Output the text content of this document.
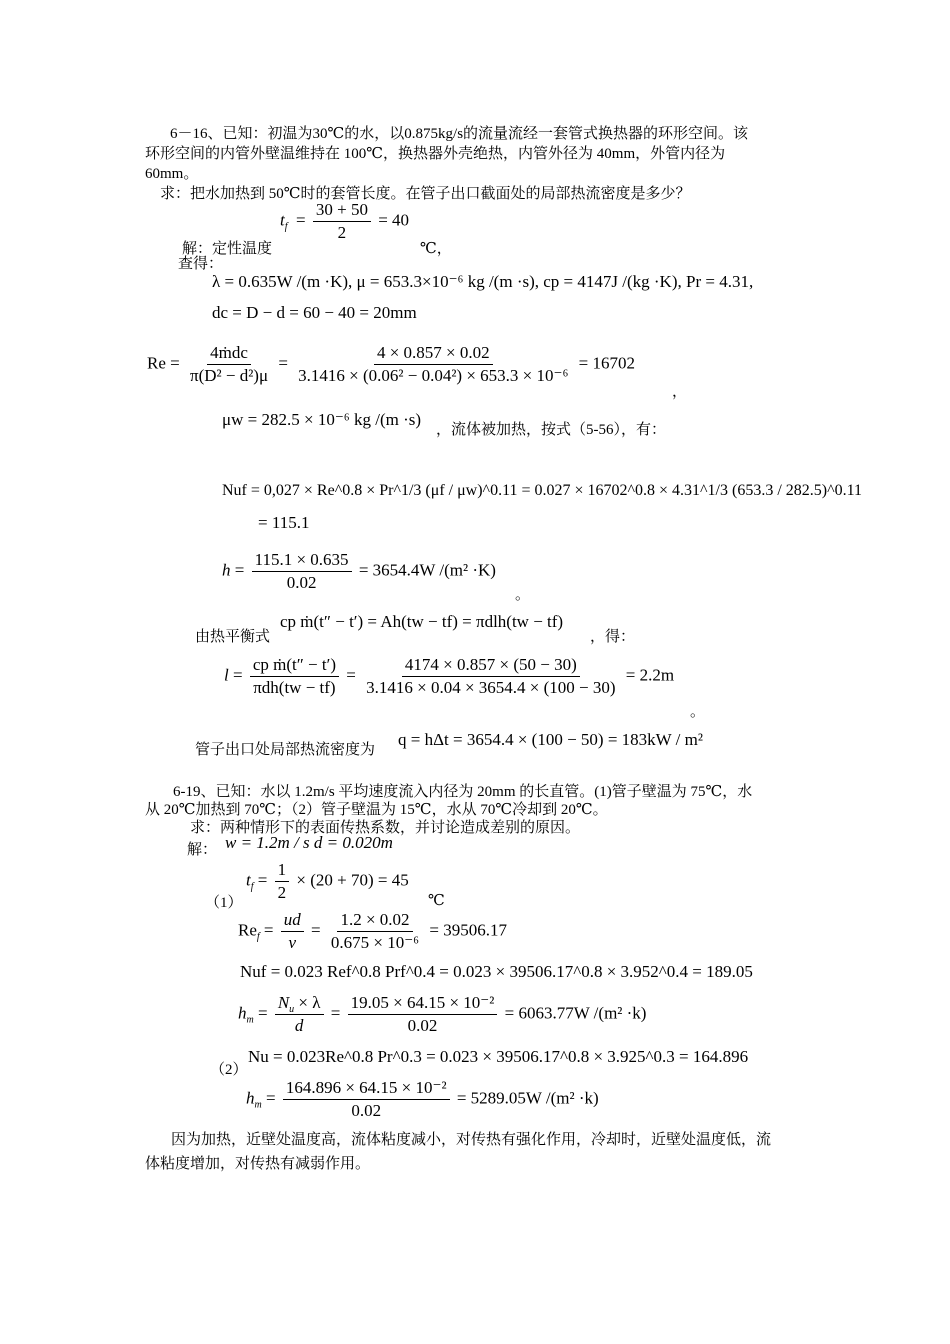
6－16、已知：初温为30℃的水，以0.875kg/s的流量流经一套管式换热器的环形空间。该
环形空间的内管外壁温维持在 100℃，换热器外壳绝热，内管外径为 40mm，外管内径为
60mm。
求：把水加热到 50℃时的套管长度。在管子出口截面处的局部热流密度是多少？
$t_f = \frac{30 + 50}{2} = 40$
解：定性温度	℃，
查得：
λ = 0.635W /(m ·K), μ = 653.3×10⁻⁶ kg /(m ·s), cp = 4147J /(kg ·K), Pr = 4.31,
dc = D − d = 60 − 40 = 20mm
$Re = \frac{\text{4ṁdc}}{\text{π(D² − d²)μ}} = \frac{4 \times 0.857 \times 0.02}{\text{3.1416 × (0.06² − 0.04²) × 653.3 × 10⁻⁶}} = 16702$
，
μw = 282.5 × 10⁻⁶ kg /(m ·s)
，流体被加热，按式（5-56），有：
Nuf = 0,027 × Re^0.8 × Pr^1/3 (μf / μw)^0.11 = 0.027 × 16702^0.8 × 4.31^1/3 (653.3 / 282.5)^0.11
= 115.1
$h = \frac{115.1 \times 0.635}{0.02} = 3654.4W$ /(m² ·K)
。
由热平衡式
cp ṁ(t″ − t′) = Ah(tw − tf) = πdlh(tw − tf)
，得：
$l = \frac{\text{cp ṁ(t″ − t′)}}{\text{πdh(tw − tf)}} = \frac{4174 \times 0.857 \times (50 - 30)}{3.1416 \times 0.04 \times 3654.4 \times (100 - 30)} = 2.2m$
。
管子出口处局部热流密度为
q = hΔt = 3654.4 × (100 − 50) = 183kW / m²
6-19、已知：水以 1.2m/s 平均速度流入内径为 20mm 的长直管。(1)管子壁温为 75℃，水
从 20℃加热到 70℃；（2）管子壁温为 15℃，水从 70℃冷却到 20℃。
求：两种情形下的表面传热系数，并讨论造成差别的原因。
解： w = 1.2m / s d = 0.020m
$t_f = \frac{1}{2} \times (20 + 70) = 45$
（1）	℃
$Re_f = \frac{ud}{v} = \frac{1.2 \times 0.02}{\text{0.675 × 10⁻⁶}} = 39506.17$
Nuf = 0.023 Ref^0.8 Prf^0.4 = 0.023 × 39506.17^0.8 × 3.952^0.4 = 189.05
$h_m = \frac{N_u \times \lambda}{d} = \frac{\text{19.05 × 64.15 × 10⁻²}}{0.02} = 6063.77W$ /(m² ·k)
（2）
Nu = 0.023Re^0.8 Pr^0.3 = 0.023 × 39506.17^0.8 × 3.925^0.3 = 164.896
$h_m = \frac{\text{164.896 × 64.15 × 10⁻²}}{0.02} = 5289.05W$ /(m² ·k)
因为加热，近壁处温度高，流体粘度减小，对传热有强化作用，冷却时，近壁处温度低，流
体粘度增加，对传热有减弱作用。
